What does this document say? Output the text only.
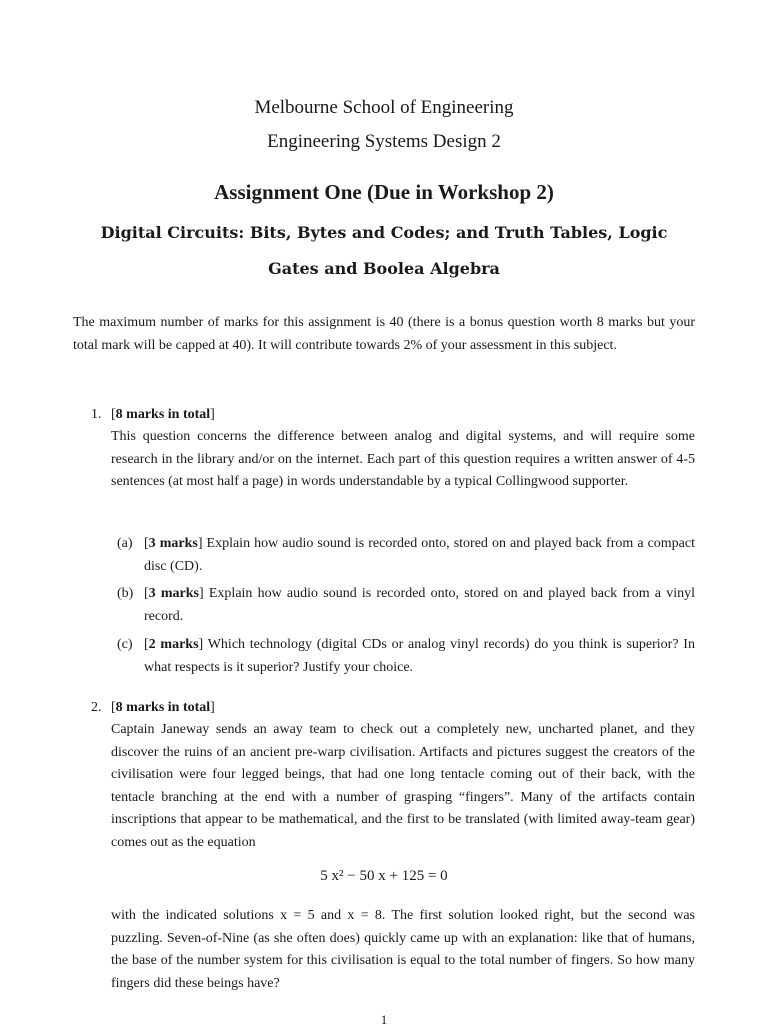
Melbourne School of Engineering
Engineering Systems Design 2
Assignment One (Due in Workshop 2)
Digital Circuits: Bits, Bytes and Codes; and Truth Tables, Logic Gates and Boolea Algebra
The maximum number of marks for this assignment is 40 (there is a bonus question worth 8 marks but your total mark will be capped at 40). It will contribute towards 2% of your assessment in this subject.
1. [8 marks in total]
This question concerns the difference between analog and digital systems, and will require some research in the library and/or on the internet. Each part of this question requires a written answer of 4-5 sentences (at most half a page) in words understandable by a typical Collingwood supporter.
(a) [3 marks] Explain how audio sound is recorded onto, stored on and played back from a compact disc (CD).
(b) [3 marks] Explain how audio sound is recorded onto, stored on and played back from a vinyl record.
(c) [2 marks] Which technology (digital CDs or analog vinyl records) do you think is superior? In what respects is it superior? Justify your choice.
2. [8 marks in total]
Captain Janeway sends an away team to check out a completely new, uncharted planet, and they discover the ruins of an ancient pre-warp civilisation. Artifacts and pictures suggest the creators of the civilisation were four legged beings, that had one long tentacle coming out of their back, with the tentacle branching at the end with a number of grasping “fingers”. Many of the artifacts contain inscriptions that appear to be mathematical, and the first to be translated (with limited away-team gear) comes out as the equation
5 x² − 50 x + 125 = 0
with the indicated solutions x = 5 and x = 8. The first solution looked right, but the second was puzzling. Seven-of-Nine (as she often does) quickly came up with an explanation: like that of humans, the base of the number system for this civilisation is equal to the total number of fingers. So how many fingers did these beings have?
1
